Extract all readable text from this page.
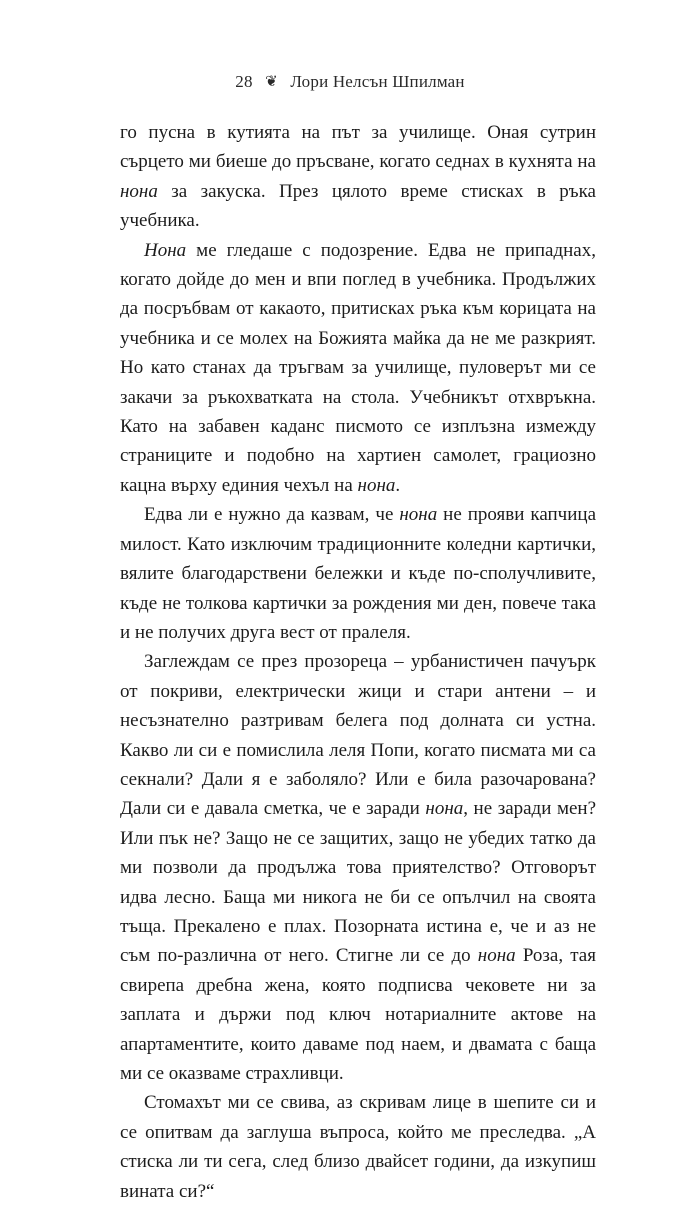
28 ❦ Лори Нелсън Шпилман

го пусна в кутията на път за училище. Онaя сутрин сърцето ми биеше до пръсване, когато седнах в кухнята на нона за закуска. През цялото време стисках в ръка учебника.

Нона ме гледаше с подозрение. Едва не припаднах, когато дойде до мен и впи поглед в учебника. Продължих да посръбвам от какаото, притисках ръка към корицата на учебника и се молех на Божията майка да не ме разкрият. Но като станах да тръгвам за училище, пуловерът ми се закачи за ръкохватката на стола. Учебникът отхвръкна. Като на забавен каданс писмото се изплъзна измежду страниците и подобно на хартиен самолет, грациозно кацна върху единия чехъл на нона.

Едва ли е нужно да казвам, че нона не прояви капчица милост. Като изключим традиционните коледни картички, вялите благодарствени бележки и къде по-сполучливите, къде не толкова картички за рождения ми ден, повече така и не получих друга вест от пралеля.

Заглеждам се през прозореца – урбанистичен пачуърк от покриви, електрически жици и стари антени – и несъзнателно разтривам белега под долната си устна. Какво ли си е помислила леля Попи, когато писмата ми са секнали? Дали я е заболяло? Или е била разочарована? Дали си е давала сметка, че е заради нона, не заради мен? Или пък не? Защо не се защитих, защо не убедих татко да ми позволи да продължа това приятелство? Отговорът идва лесно. Баща ми никога не би се опълчил на своята тъща. Прекалено е плах. Позорната истина е, че и аз не съм по-различна от него. Стигне ли се до нона Роза, тая свирепа дребна жена, която подписва чековете ни за заплата и държи под ключ нотариалните актове на апартаментите, които даваме под наем, и двамата с баща ми се оказваме страхливци.

Стомахът ми се свива, аз скривам лице в шепите си и се опитвам да заглуша въпроса, който ме преследва. „А стиска ли ти сега, след близо двайсет години, да изкупиш вината си?“
